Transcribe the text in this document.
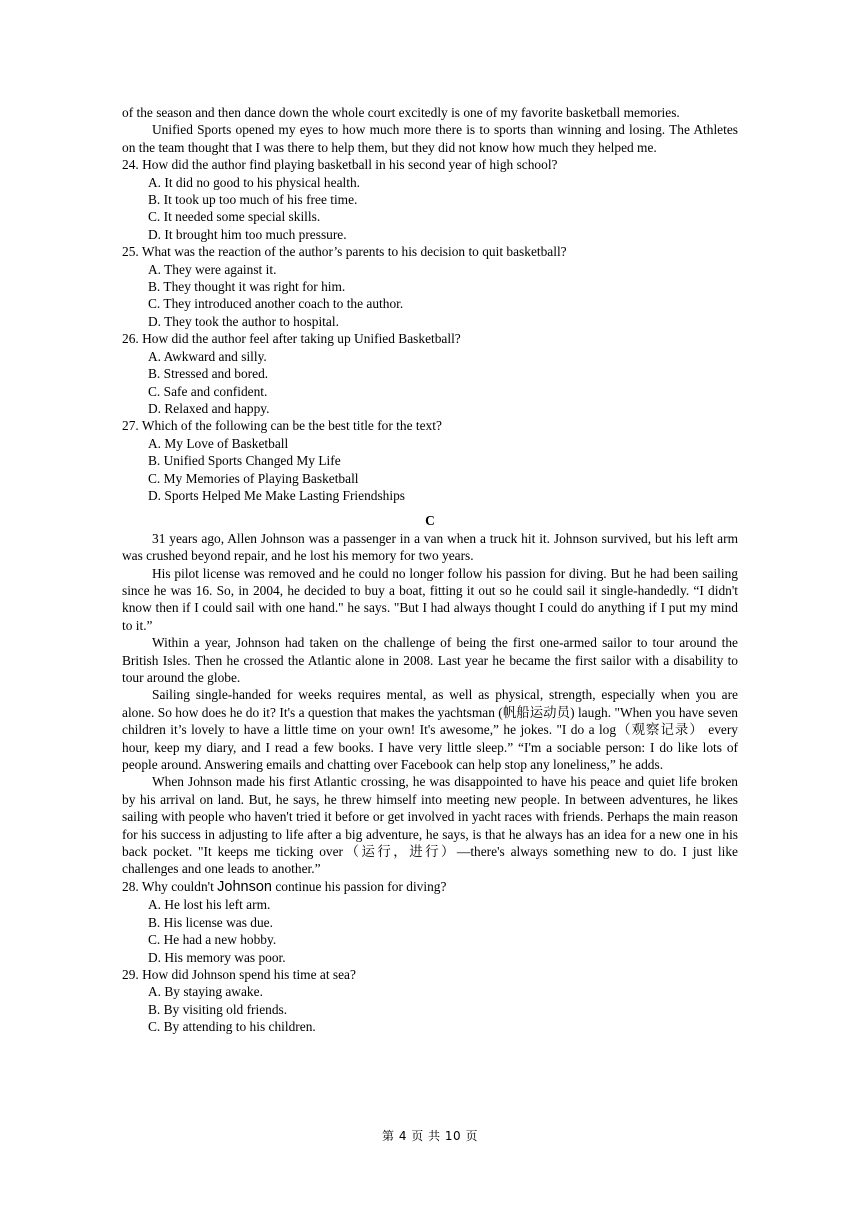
of the season and then dance down the whole court excitedly is one of my favorite basketball memories.

Unified Sports opened my eyes to how much more there is to sports than winning and losing. The Athletes on the team thought that I was there to help them, but they did not know how much they helped me.

24. How did the author find playing basketball in his second year of high school?

A. It did no good to his physical health.

B. It took up too much of his free time.

C. It needed some special skills.

D. It brought him too much pressure.

25. What was the reaction of the author’s parents to his decision to quit basketball?

A. They were against it.

B. They thought it was right for him.

C. They introduced another coach to the author.

D. They took the author to hospital.

26. How did the author feel after taking up Unified Basketball?

A. Awkward and silly.

B. Stressed and bored.

C. Safe and confident.

D. Relaxed and happy.

27. Which of the following can be the best title for the text?

A. My Love of Basketball

B. Unified Sports Changed My Life

C. My Memories of Playing Basketball

D. Sports Helped Me Make Lasting Friendships

C

31 years ago, Allen Johnson was a passenger in a van when a truck hit it. Johnson survived, but his left arm was crushed beyond repair, and he lost his memory for two years.

His pilot license was removed and he could no longer follow his passion for diving. But he had been sailing since he was 16. So, in 2004, he decided to buy a boat, fitting it out so he could sail it single-handedly. “I didn't know then if I could sail with one hand." he says. "But I had always thought I could do anything if I put my mind to it.”

Within a year, Johnson had taken on the challenge of being the first one-armed sailor to tour around the British Isles. Then he crossed the Atlantic alone in 2008. Last year he became the first sailor with a disability to tour around the globe.

Sailing single-handed for weeks requires mental, as well as physical, strength, especially when you are alone. So how does he do it? It's a question that makes the yachtsman (帆船运动员) laugh. "When you have seven children it’s lovely to have a little time on your own! It's awesome,” he jokes. "I do a log（观察记录） every hour, keep my diary, and I read a few books. I have very little sleep.” “I'm a sociable person: I do like lots of people around. Answering emails and chatting over Facebook can help stop any loneliness,” he adds.

When Johnson made his first Atlantic crossing, he was disappointed to have his peace and quiet life broken by his arrival on land. But, he says, he threw himself into meeting new people. In between adventures, he likes sailing with people who haven't tried it before or get involved in yacht races with friends. Perhaps the main reason for his success in adjusting to life after a big adventure, he says, is that he always has an idea for a new one in his back pocket. "It keeps me ticking over（运行，进行）—there's always something new to do. I just like challenges and one leads to another.”

28. Why couldn't Johnson continue his passion for diving?

A. He lost his left arm.

B. His license was due.

C. He had a new hobby.

D. His memory was poor.

29. How did Johnson spend his time at sea?

A. By staying awake.

B. By visiting old friends.

C. By attending to his children.

第 4 页 共 10 页
